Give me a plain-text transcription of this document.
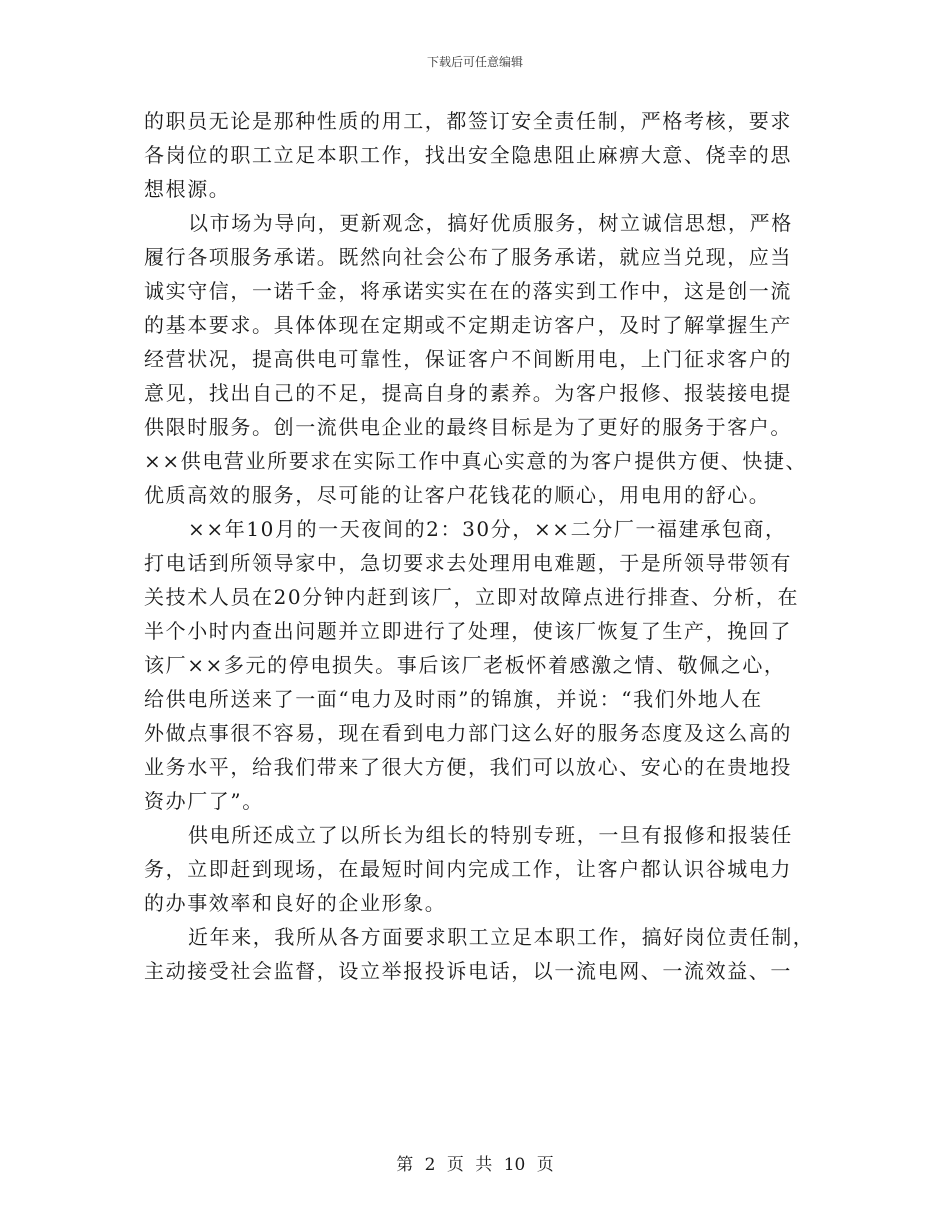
下载后可任意编辑
的职员无论是那种性质的用工，都签订安全责任制，严格考核，要求
各岗位的职工立足本职工作，找出安全隐患阻止麻痹大意、侥幸的思
想根源。
以市场为导向，更新观念，搞好优质服务，树立诚信思想，严格
履行各项服务承诺。既然向社会公布了服务承诺，就应当兑现，应当
诚实守信，一诺千金，将承诺实实在在的落实到工作中，这是创一流
的基本要求。具体体现在定期或不定期走访客户，及时了解掌握生产
经营状况，提高供电可靠性，保证客户不间断用电，上门征求客户的
意见，找出自己的不足，提高自身的素养。为客户报修、报装接电提
供限时服务。创一流供电企业的最终目标是为了更好的服务于客户。
××供电营业所要求在实际工作中真心实意的为客户提供方便、快捷、
优质高效的服务，尽可能的让客户花钱花的顺心，用电用的舒心。
××年10月的一天夜间的2：30分，××二分厂一福建承包商，
打电话到所领导家中，急切要求去处理用电难题，于是所领导带领有
关技术人员在20分钟内赶到该厂，立即对故障点进行排查、分析，在
半个小时内查出问题并立即进行了处理，使该厂恢复了生产，挽回了
该厂××多元的停电损失。事后该厂老板怀着感激之情、敬佩之心，
给供电所送来了一面“电力及时雨”的锦旗，并说：“我们外地人在
外做点事很不容易，现在看到电力部门这么好的服务态度及这么高的
业务水平，给我们带来了很大方便，我们可以放心、安心的在贵地投
资办厂了”。
供电所还成立了以所长为组长的特别专班，一旦有报修和报装任
务，立即赶到现场，在最短时间内完成工作，让客户都认识谷城电力
的办事效率和良好的企业形象。
近年来，我所从各方面要求职工立足本职工作，搞好岗位责任制，
主动接受社会监督，设立举报投诉电话，以一流电网、一流效益、一
第 2 页 共 10 页
